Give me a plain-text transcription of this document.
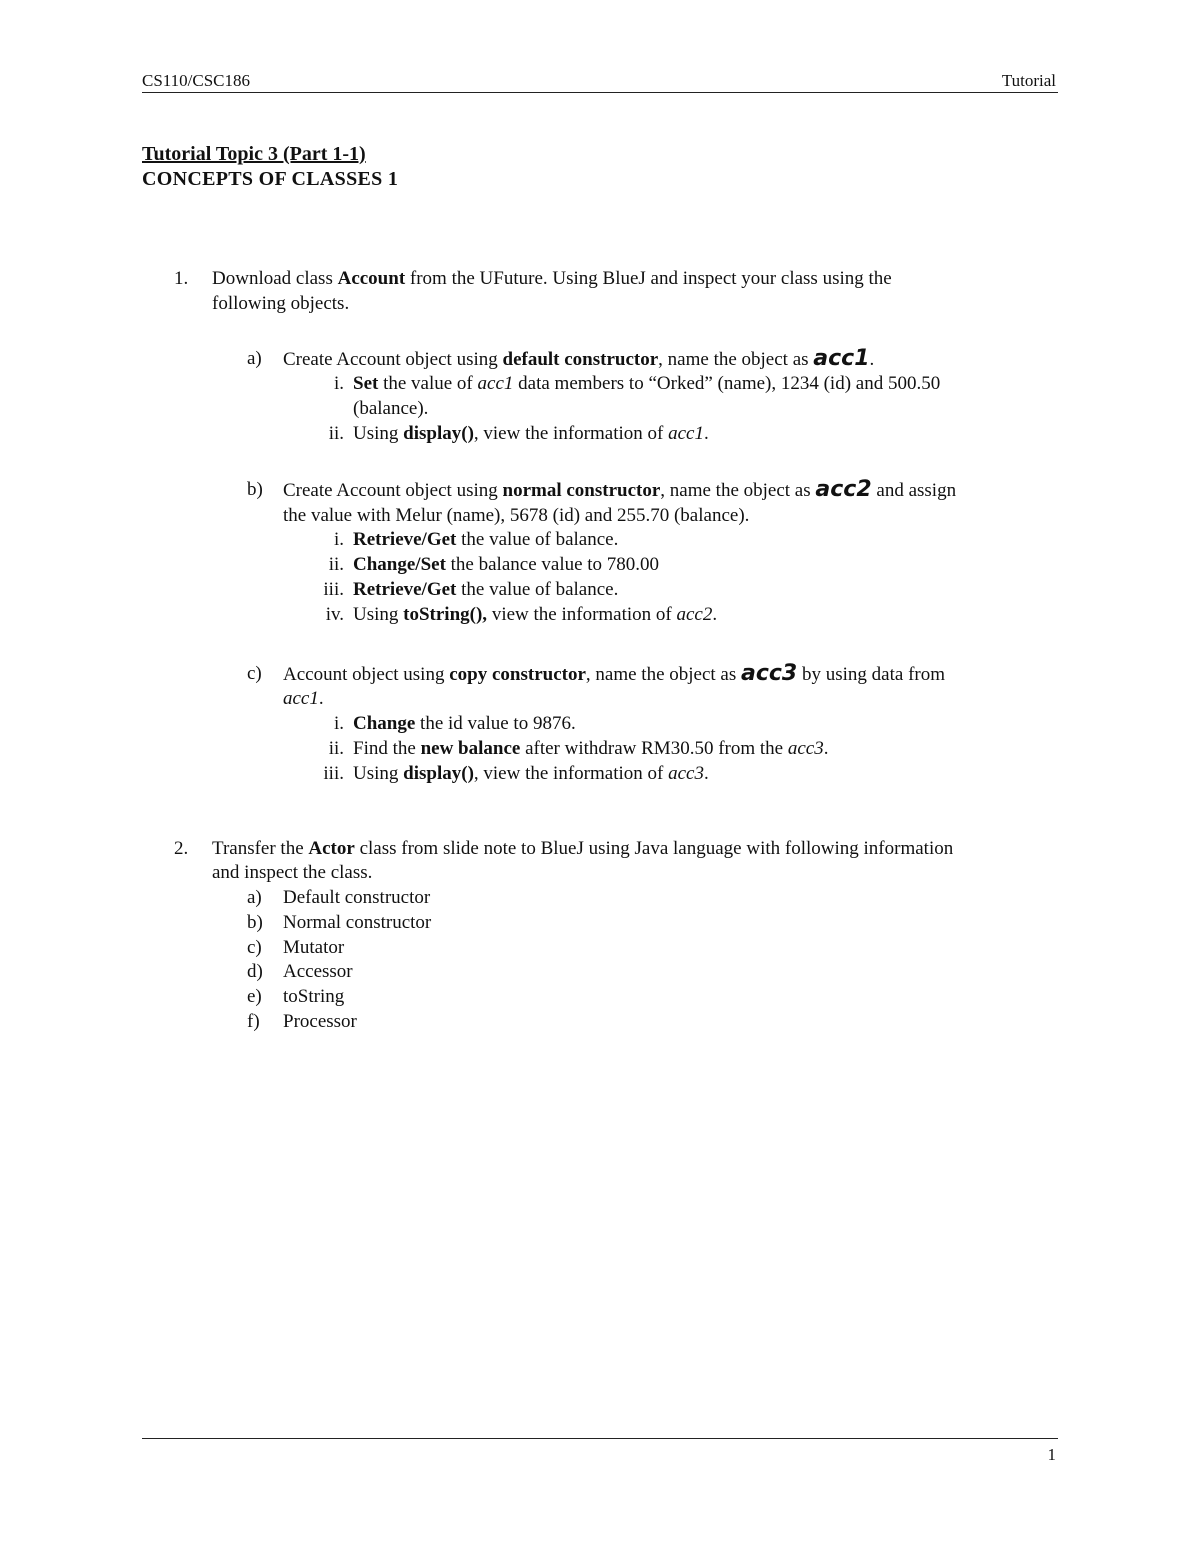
CS110/CSC186	Tutorial
Tutorial Topic 3 (Part 1-1)
CONCEPTS OF CLASSES 1
1. Download class Account from the UFuture. Using BlueJ and inspect your class using the
following objects.
a) Create Account object using default constructor, name the object as acc1.
i. Set the value of acc1 data members to “Orked” (name), 1234 (id) and 500.50
(balance).
ii. Using display(), view the information of acc1.
b) Create Account object using normal constructor, name the object as acc2 and assign
the value with Melur (name), 5678 (id) and 255.70 (balance).
i. Retrieve/Get the value of balance.
ii. Change/Set the balance value to 780.00
iii. Retrieve/Get the value of balance.
iv. Using toString(), view the information of acc2.
c) Account object using copy constructor, name the object as acc3 by using data from
acc1.
i. Change the id value to 9876.
ii. Find the new balance after withdraw RM30.50 from the acc3.
iii. Using display(), view the information of acc3.
2. Transfer the Actor class from slide note to BlueJ using Java language with following information
and inspect the class.
a) Default constructor
b) Normal constructor
c) Mutator
d) Accessor
e) toString
f) Processor
1
